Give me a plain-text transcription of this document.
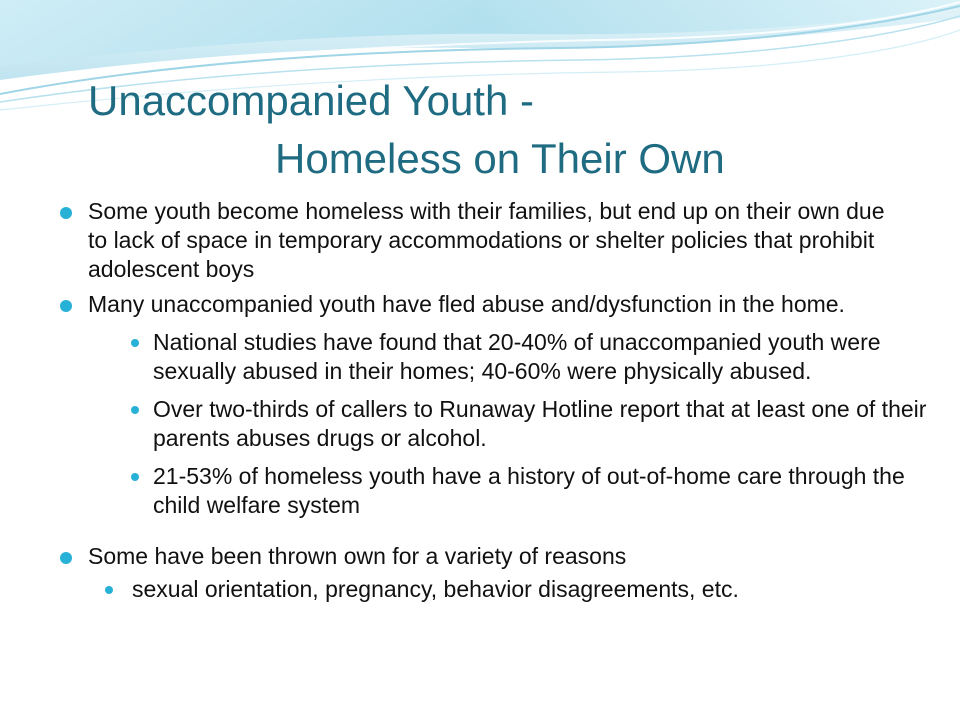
Unaccompanied Youth -
Homeless on Their Own
Some youth become homeless with their families, but end up on their own due to lack of space in temporary accommodations or shelter policies that prohibit adolescent boys
Many unaccompanied youth have fled abuse and/dysfunction in the home.
National studies have found that 20-40% of unaccompanied youth were sexually abused in their homes; 40-60% were physically abused.
Over two-thirds of callers to Runaway Hotline report that at least one of their parents abuses drugs or alcohol.
21-53% of homeless youth have a history of out-of-home care through the child welfare system
Some have been thrown own for a variety of reasons
sexual orientation, pregnancy, behavior disagreements, etc.
